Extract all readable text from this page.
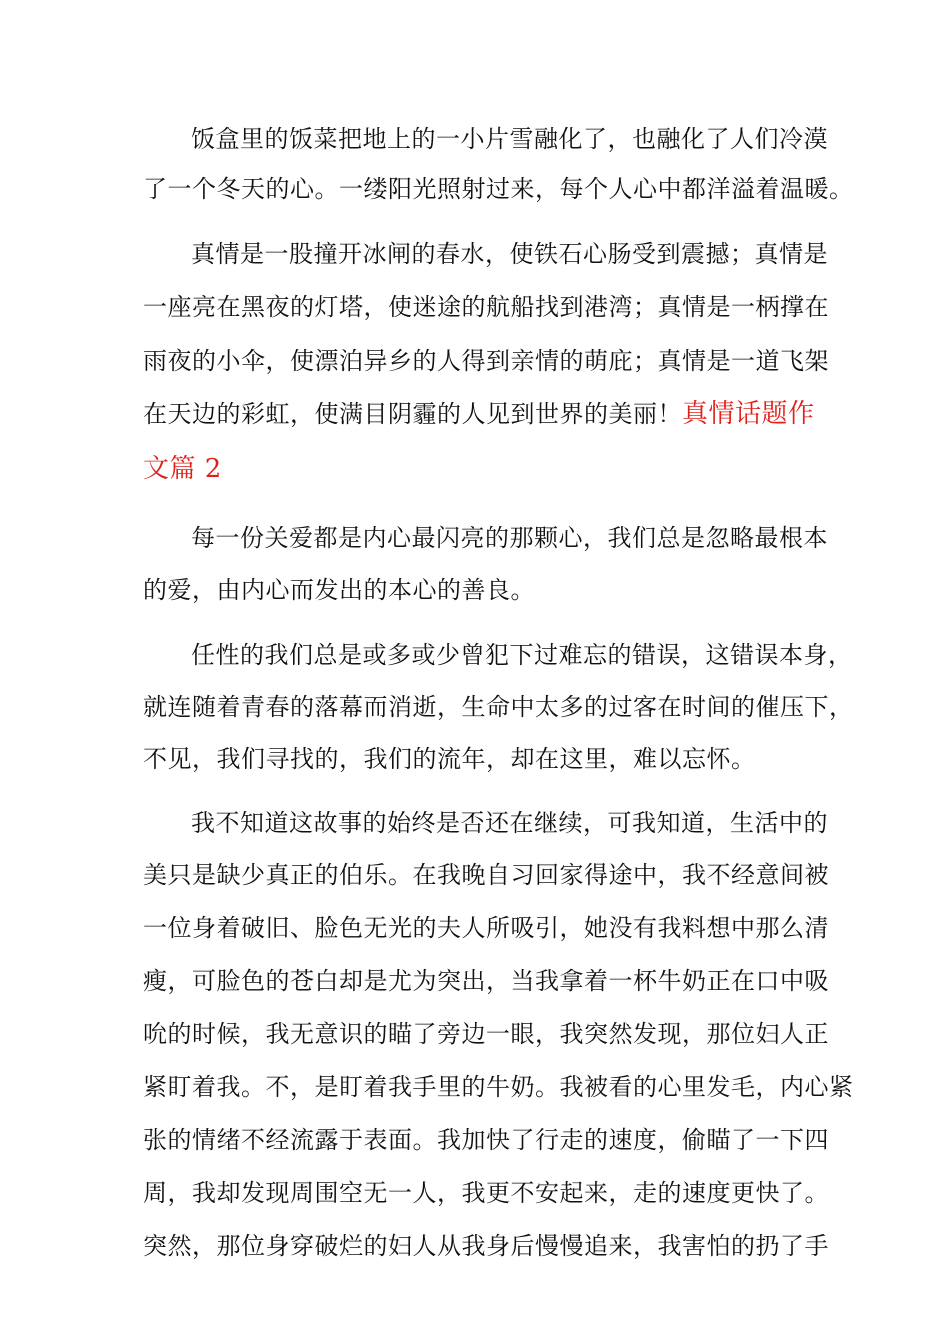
饭盒里的饭菜把地上的一小片雪融化了，也融化了人们冷漠
了一个冬天的心。一缕阳光照射过来，每个人心中都洋溢着温暖。
真情是一股撞开冰闸的春水，使铁石心肠受到震撼；真情是
一座亮在黑夜的灯塔，使迷途的航船找到港湾；真情是一柄撑在
雨夜的小伞，使漂泊异乡的人得到亲情的萌庇；真情是一道飞架
在天边的彩虹，使满目阴霾的人见到世界的美丽！真情话题作
文篇 2
每一份关爱都是内心最闪亮的那颗心，我们总是忽略最根本
的爱，由内心而发出的本心的善良。
任性的我们总是或多或少曾犯下过难忘的错误，这错误本身，
就连随着青春的落幕而消逝，生命中太多的过客在时间的催压下，
不见，我们寻找的，我们的流年，却在这里，难以忘怀。
我不知道这故事的始终是否还在继续，可我知道，生活中的
美只是缺少真正的伯乐。在我晚自习回家得途中，我不经意间被
一位身着破旧、脸色无光的夫人所吸引，她没有我料想中那么清
瘦，可脸色的苍白却是尤为突出，当我拿着一杯牛奶正在口中吸
吮的时候，我无意识的瞄了旁边一眼，我突然发现，那位妇人正
紧盯着我。不，是盯着我手里的牛奶。我被看的心里发毛，内心紧
张的情绪不经流露于表面。我加快了行走的速度，偷瞄了一下四
周，我却发现周围空无一人，我更不安起来，走的速度更快了。
突然，那位身穿破烂的妇人从我身后慢慢追来，我害怕的扔了手
